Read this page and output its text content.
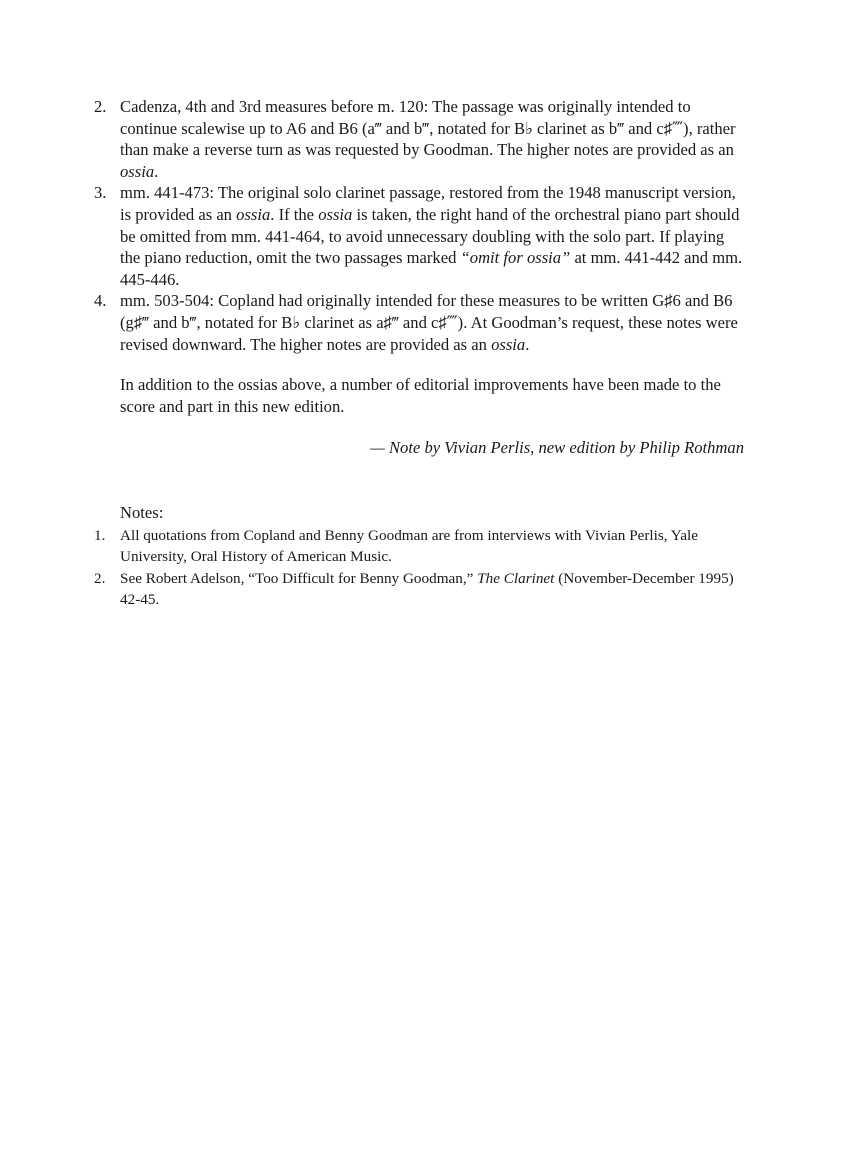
2. Cadenza, 4th and 3rd measures before m. 120: The passage was originally intended to continue scalewise up to A6 and B6 (a‴ and b‴, notated for B♭ clarinet as b‴ and c♯⁗), rather than make a reverse turn as was requested by Goodman. The higher notes are provided as an ossia.
3. mm. 441-473: The original solo clarinet passage, restored from the 1948 manuscript version, is provided as an ossia. If the ossia is taken, the right hand of the orchestral piano part should be omitted from mm. 441-464, to avoid unnecessary doubling with the solo part. If playing the piano reduction, omit the two passages marked “omit for ossia” at mm. 441-442 and mm. 445-446.
4. mm. 503-504: Copland had originally intended for these measures to be written G♯6 and B6 (g♯‴ and b‴, notated for B♭ clarinet as a♯‴ and c♯⁗). At Goodman’s request, these notes were revised downward. The higher notes are provided as an ossia.

In addition to the ossias above, a number of editorial improvements have been made to the score and part in this new edition.

— Note by Vivian Perlis, new edition by Philip Rothman

Notes:

1. All quotations from Copland and Benny Goodman are from interviews with Vivian Perlis, Yale University, Oral History of American Music.
2. See Robert Adelson, “Too Difficult for Benny Goodman,” The Clarinet (November-December 1995) 42-45.
